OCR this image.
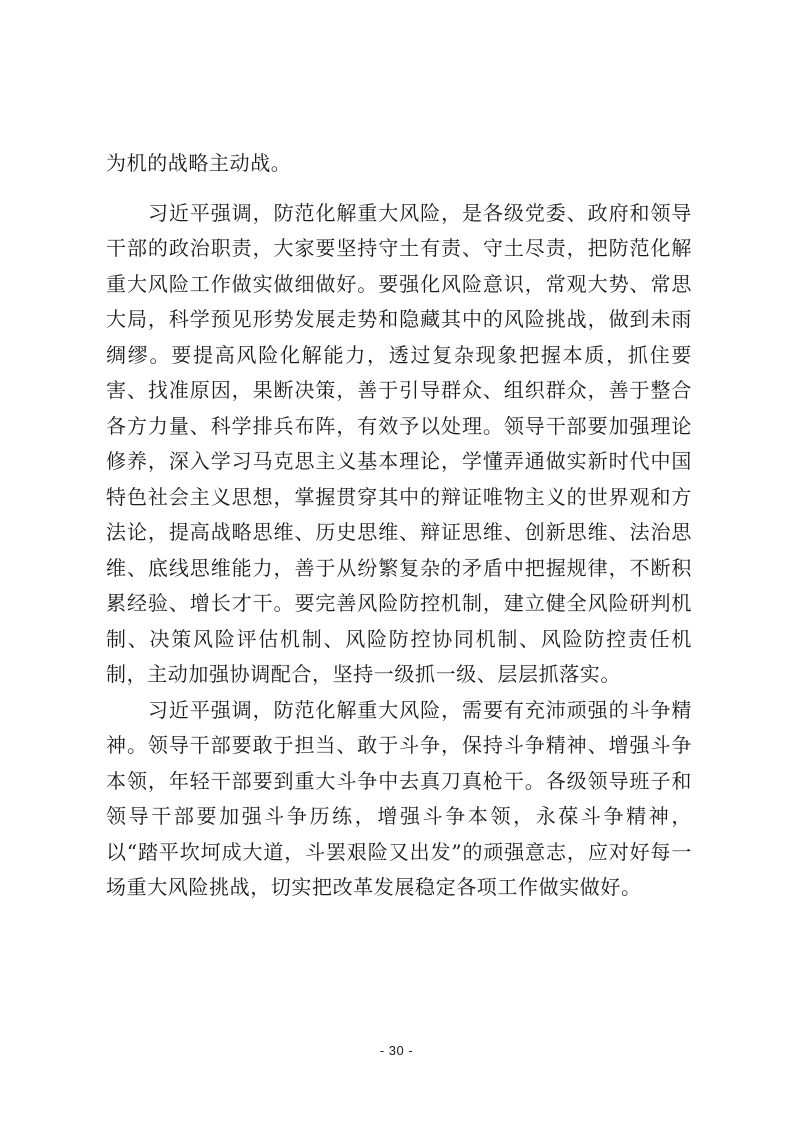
为机的战略主动战。

习近平强调，防范化解重大风险，是各级党委、政府和领导干部的政治职责，大家要坚持守土有责、守土尽责，把防范化解重大风险工作做实做细做好。要强化风险意识，常观大势、常思大局，科学预见形势发展走势和隐藏其中的风险挑战，做到未雨绸缪。要提高风险化解能力，透过复杂现象把握本质，抓住要害、找准原因，果断决策，善于引导群众、组织群众，善于整合各方力量、科学排兵布阵，有效予以处理。领导干部要加强理论修养，深入学习马克思主义基本理论，学懂弄通做实新时代中国特色社会主义思想，掌握贯穿其中的辩证唯物主义的世界观和方法论，提高战略思维、历史思维、辩证思维、创新思维、法治思维、底线思维能力，善于从纷繁复杂的矛盾中把握规律，不断积累经验、增长才干。要完善风险防控机制，建立健全风险研判机制、决策风险评估机制、风险防控协同机制、风险防控责任机制，主动加强协调配合，坚持一级抓一级、层层抓落实。

习近平强调，防范化解重大风险，需要有充沛顽强的斗争精神。领导干部要敢于担当、敢于斗争，保持斗争精神、增强斗争本领，年轻干部要到重大斗争中去真刀真枪干。各级领导班子和领导干部要加强斗争历练，增强斗争本领，永葆斗争精神，以“踏平坎坷成大道，斗罢艰险又出发”的顽强意志，应对好每一场重大风险挑战，切实把改革发展稳定各项工作做实做好。

- 30 -
